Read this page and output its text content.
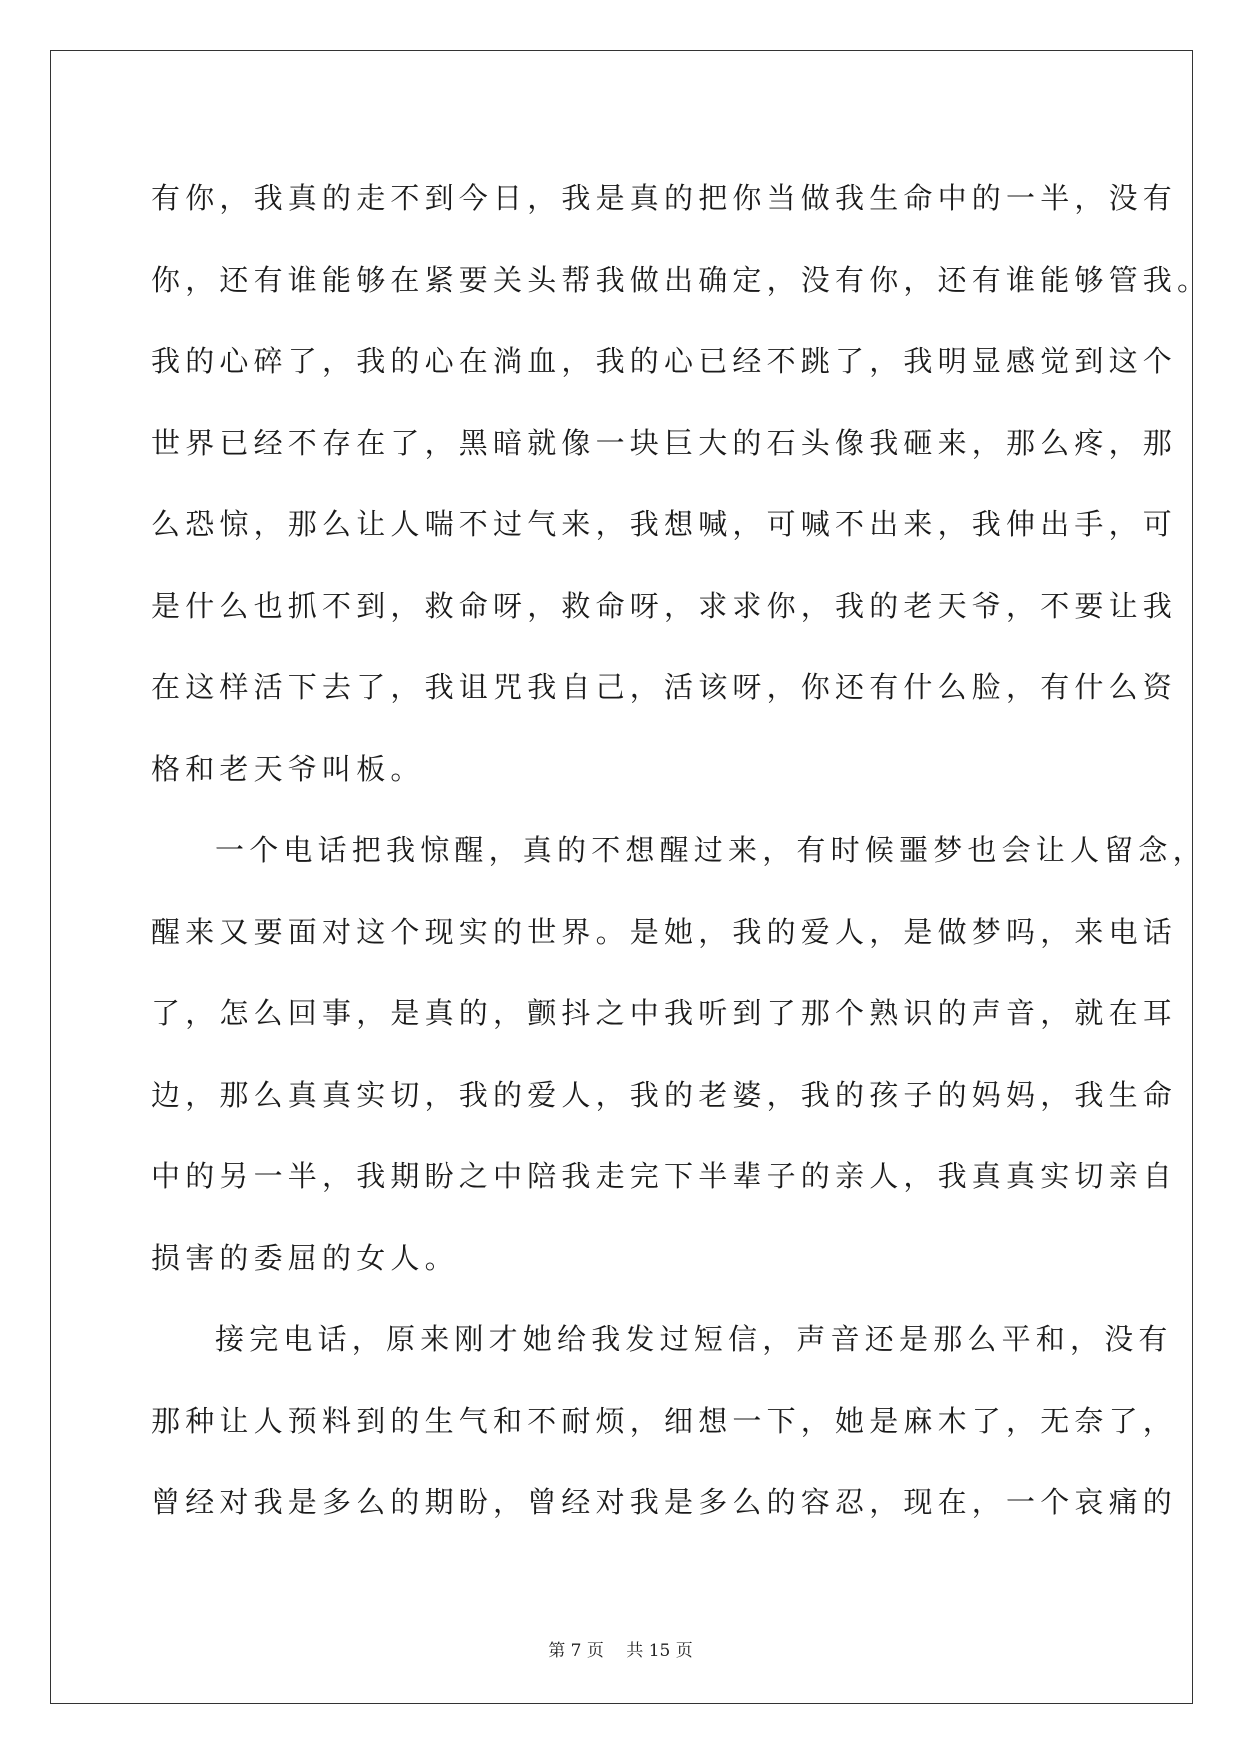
有你，我真的走不到今日，我是真的把你当做我生命中的一半，没有
你，还有谁能够在紧要关头帮我做出确定，没有你，还有谁能够管我。
我的心碎了，我的心在淌血，我的心已经不跳了，我明显感觉到这个
世界已经不存在了，黑暗就像一块巨大的石头像我砸来，那么疼，那
么恐惊，那么让人喘不过气来，我想喊，可喊不出来，我伸出手，可
是什么也抓不到，救命呀，救命呀，求求你，我的老天爷，不要让我
在这样活下去了，我诅咒我自己，活该呀，你还有什么脸，有什么资
格和老天爷叫板。
一个电话把我惊醒，真的不想醒过来，有时候噩梦也会让人留念，
醒来又要面对这个现实的世界。是她，我的爱人，是做梦吗，来电话
了，怎么回事，是真的，颤抖之中我听到了那个熟识的声音，就在耳
边，那么真真实切，我的爱人，我的老婆，我的孩子的妈妈，我生命
中的另一半，我期盼之中陪我走完下半辈子的亲人，我真真实切亲自
损害的委屈的女人。
接完电话，原来刚才她给我发过短信，声音还是那么平和，没有
那种让人预料到的生气和不耐烦，细想一下，她是麻木了，无奈了，
曾经对我是多么的期盼，曾经对我是多么的容忍，现在，一个哀痛的
第 7 页　 共 15 页
